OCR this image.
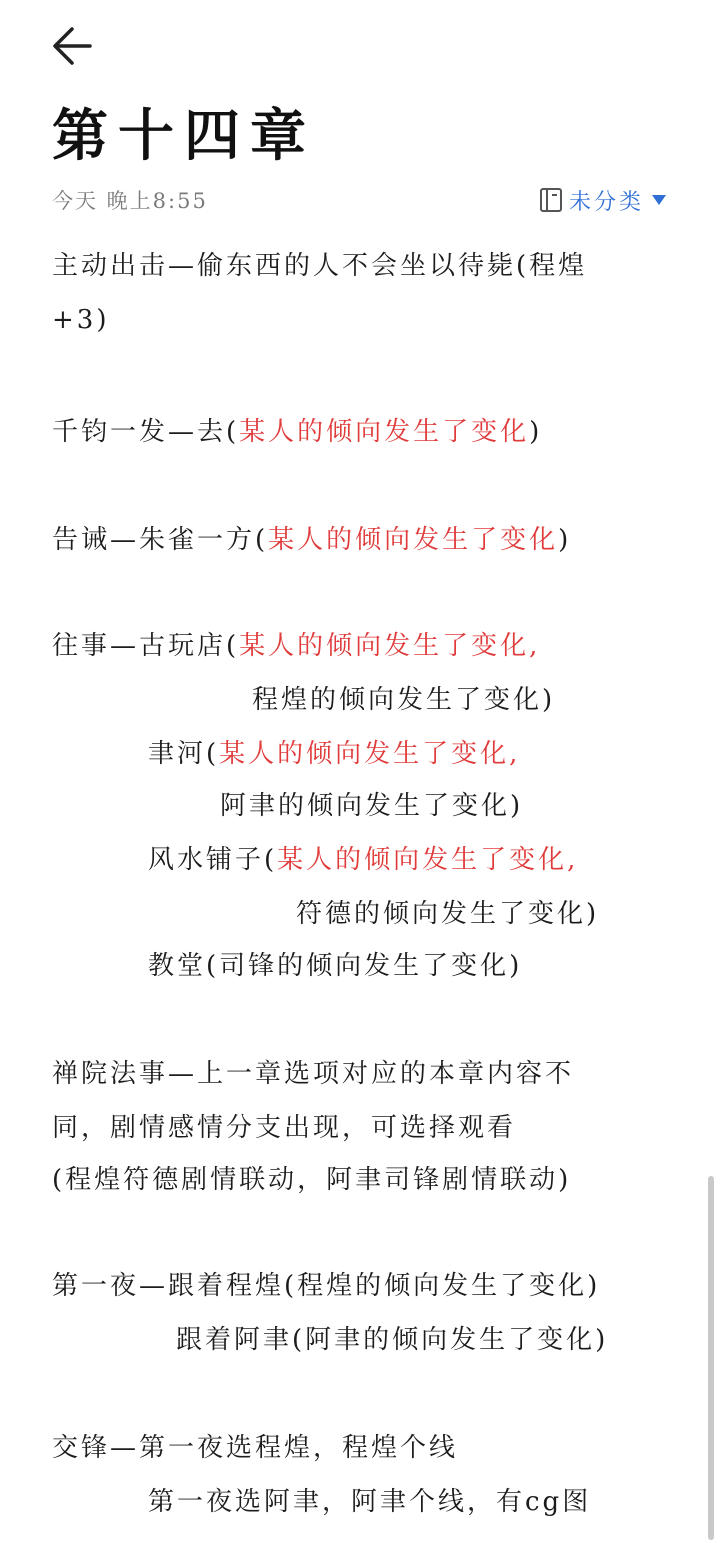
第十四章
今天 晚上8:55	未分类
主动出击—偷东西的人不会坐以待毙(程煌
+3)
千钧一发—去(某人的倾向发生了变化)
告诫—朱雀一方(某人的倾向发生了变化)
往事—古玩店(某人的倾向发生了变化,
程煌的倾向发生了变化)
聿河(某人的倾向发生了变化,
阿聿的倾向发生了变化)
风水铺子(某人的倾向发生了变化,
符德的倾向发生了变化)
教堂(司锋的倾向发生了变化)
禅院法事—上一章选项对应的本章内容不
同，剧情感情分支出现，可选择观看
(程煌符德剧情联动，阿聿司锋剧情联动)
第一夜—跟着程煌(程煌的倾向发生了变化)
跟着阿聿(阿聿的倾向发生了变化)
交锋—第一夜选程煌，程煌个线
第一夜选阿聿，阿聿个线，有cg图
